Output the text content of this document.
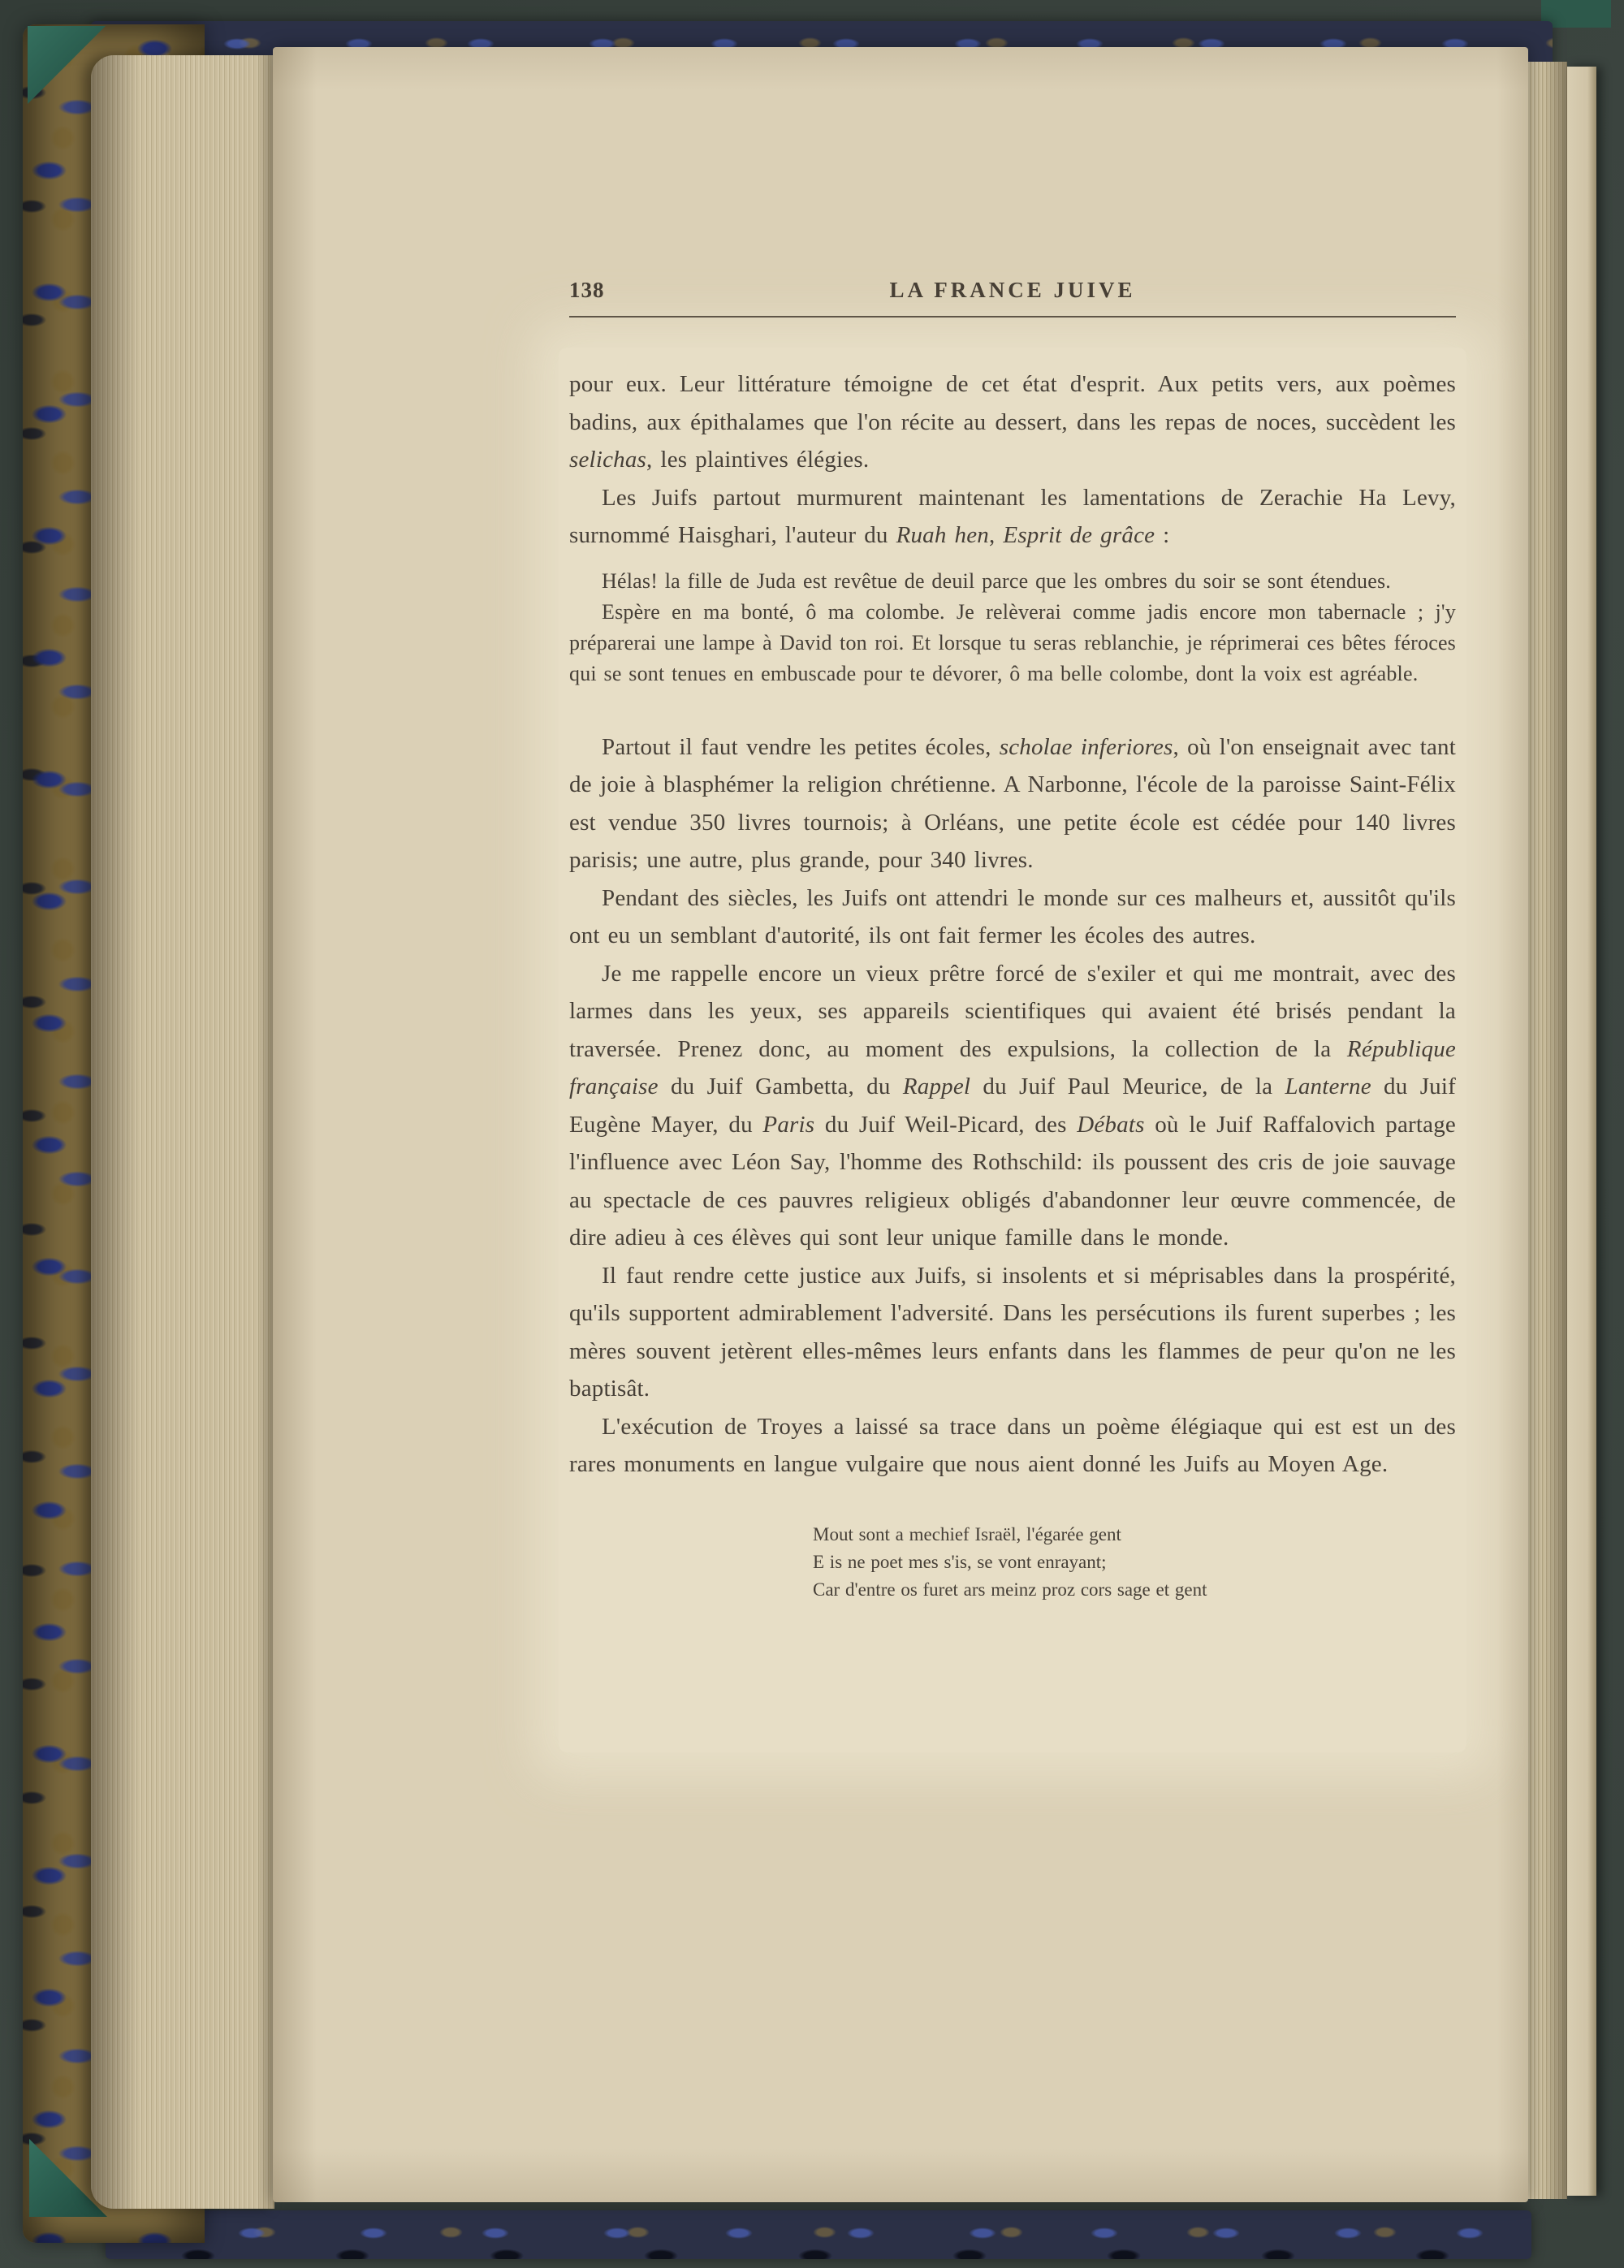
138	LA FRANCE JUIVE

pour eux. Leur littérature témoigne de cet état d'esprit. Aux petits vers, aux poèmes badins, aux épithalames que l'on récite au dessert, dans les repas de noces, succèdent les selichas, les plaintives élégies.

Les Juifs partout murmurent maintenant les lamentations de Zerachie Ha Levy, surnommé Haisghari, l'auteur du Ruah hen, Esprit de grâce :

Hélas! la fille de Juda est revêtue de deuil parce que les ombres du soir se sont étendues.

Espère en ma bonté, ô ma colombe. Je relèverai comme jadis encore mon tabernacle ; j'y préparerai une lampe à David ton roi. Et lorsque tu seras reblanchie, je réprimerai ces bêtes féroces qui se sont tenues en embuscade pour te dévorer, ô ma belle colombe, dont la voix est agréable.

Partout il faut vendre les petites écoles, scholae inferiores, où l'on enseignait avec tant de joie à blasphémer la religion chrétienne. A Narbonne, l'école de la paroisse Saint-Félix est vendue 350 livres tournois; à Orléans, une petite école est cédée pour 140 livres parisis; une autre, plus grande, pour 340 livres.

Pendant des siècles, les Juifs ont attendri le monde sur ces malheurs et, aussitôt qu'ils ont eu un semblant d'autorité, ils ont fait fermer les écoles des autres.

Je me rappelle encore un vieux prêtre forcé de s'exiler et qui me montrait, avec des larmes dans les yeux, ses appareils scientifiques qui avaient été brisés pendant la traversée. Prenez donc, au moment des expulsions, la collection de la République française du Juif Gambetta, du Rappel du Juif Paul Meurice, de la Lanterne du Juif Eugène Mayer, du Paris du Juif Weil-Picard, des Débats où le Juif Raffalovich partage l'influence avec Léon Say, l'homme des Rothschild: ils poussent des cris de joie sauvage au spectacle de ces pauvres religieux obligés d'abandonner leur œuvre commencée, de dire adieu à ces élèves qui sont leur unique famille dans le monde.

Il faut rendre cette justice aux Juifs, si insolents et si méprisables dans la prospérité, qu'ils supportent admirablement l'adversité. Dans les persécutions ils furent superbes ; les mères souvent jetèrent elles-mêmes leurs enfants dans les flammes de peur qu'on ne les baptisât.

L'exécution de Troyes a laissé sa trace dans un poème élégiaque qui est est un des rares monuments en langue vulgaire que nous aient donné les Juifs au Moyen Age.

Mout sont a mechief Israël, l'égarée gent

E is ne poet mes s'is, se vont enrayant;

Car d'entre os furet ars meinz proz cors sage et gent
